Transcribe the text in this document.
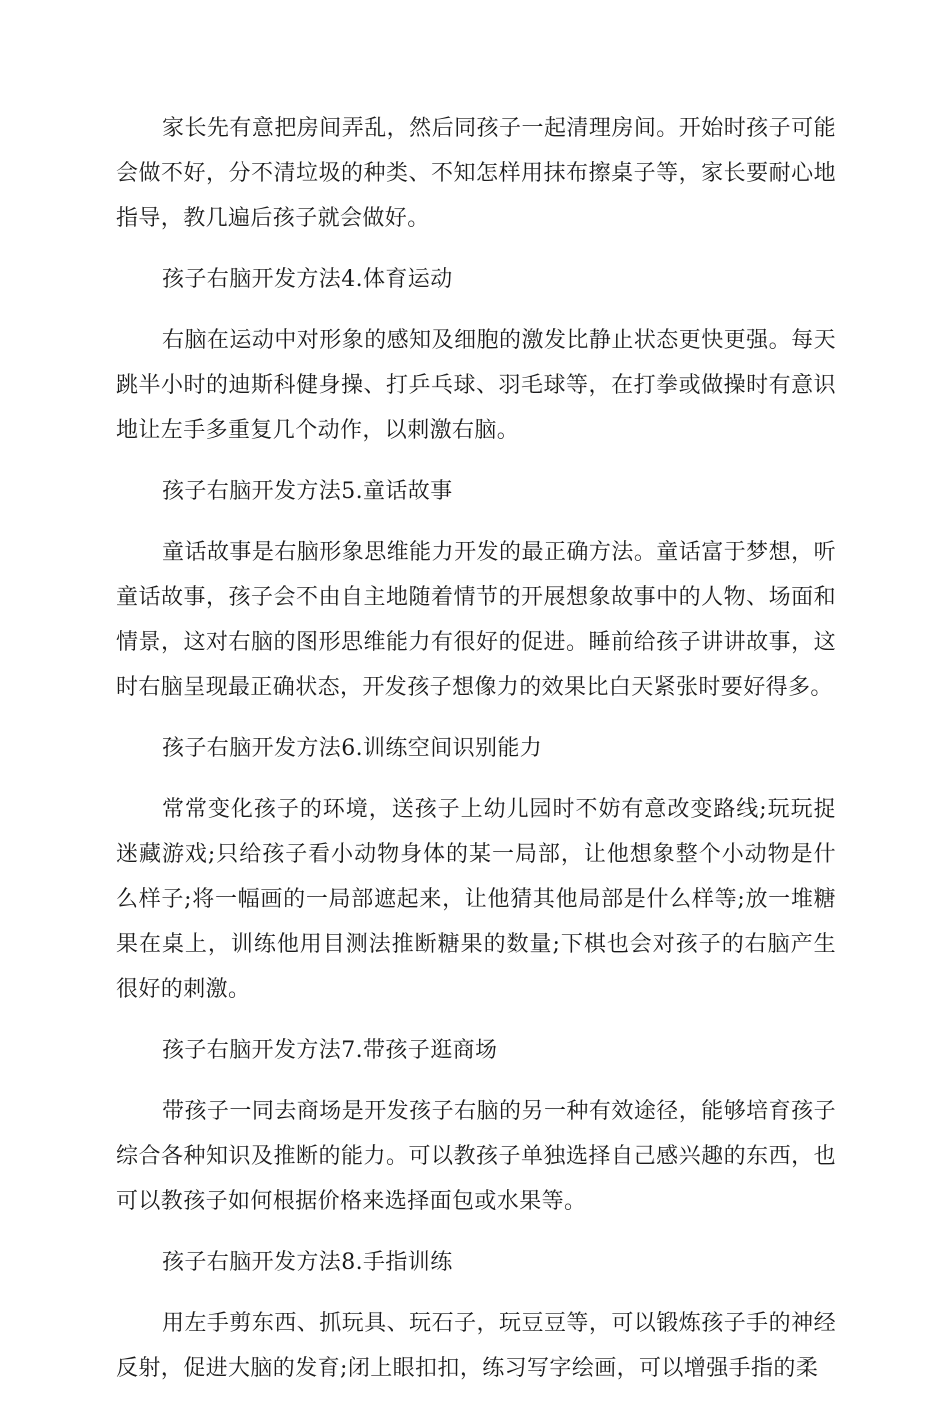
家长先有意把房间弄乱，然后同孩子一起清理房间。开始时孩子可能会做不好，分不清垃圾的种类、不知怎样用抹布擦桌子等，家长要耐心地指导，教几遍后孩子就会做好。

孩子右脑开发方法4.体育运动

右脑在运动中对形象的感知及细胞的激发比静止状态更快更强。每天跳半小时的迪斯科健身操、打乒乓球、羽毛球等，在打拳或做操时有意识地让左手多重复几个动作，以刺激右脑。

孩子右脑开发方法5.童话故事

童话故事是右脑形象思维能力开发的最正确方法。童话富于梦想，听童话故事，孩子会不由自主地随着情节的开展想象故事中的人物、场面和情景，这对右脑的图形思维能力有很好的促进。睡前给孩子讲讲故事，这时右脑呈现最正确状态，开发孩子想像力的效果比白天紧张时要好得多。

孩子右脑开发方法6.训练空间识别能力

常常变化孩子的环境，送孩子上幼儿园时不妨有意改变路线;玩玩捉迷藏游戏;只给孩子看小动物身体的某一局部，让他想象整个小动物是什么样子;将一幅画的一局部遮起来，让他猜其他局部是什么样等;放一堆糖果在桌上，训练他用目测法推断糖果的数量;下棋也会对孩子的右脑产生很好的刺激。

孩子右脑开发方法7.带孩子逛商场

带孩子一同去商场是开发孩子右脑的另一种有效途径，能够培育孩子综合各种知识及推断的能力。可以教孩子单独选择自己感兴趣的东西，也可以教孩子如何根据价格来选择面包或水果等。

孩子右脑开发方法8.手指训练

用左手剪东西、抓玩具、玩石子，玩豆豆等，可以锻炼孩子手的神经反射，促进大脑的发育;闭上眼扣扣，练习写字绘画，可以增强手指的柔
